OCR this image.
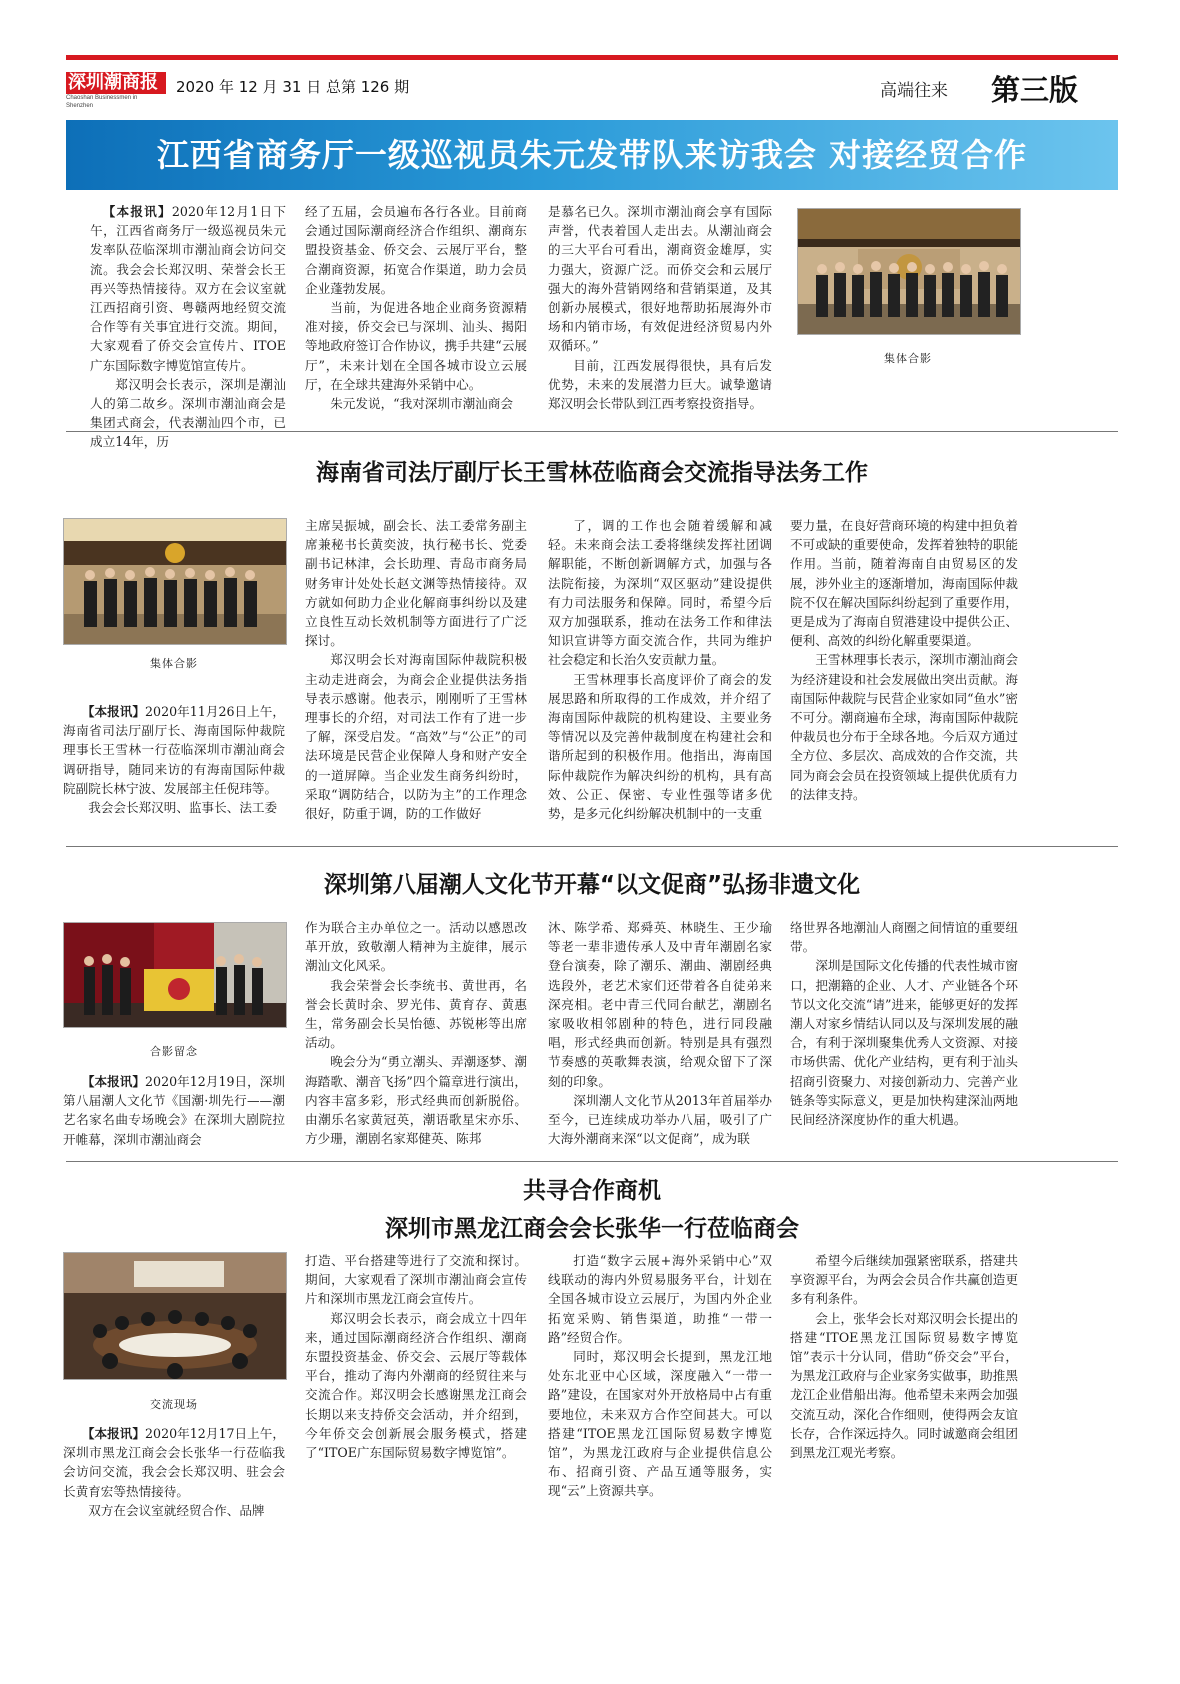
深圳潮商报
Chaoshan Businessmen in Shenzhen
2020 年 12 月 31 日 总第 126 期	高端往来 第三版
江西省商务厅一级巡视员朱元发带队来访我会 对接经贸合作

【本报讯】2020年12月1日下午，江西省商务厅一级巡视员朱元发率队莅临深圳市潮汕商会访问交流。我会会长郑汉明、荣誉会长王再兴等热情接待。双方在会议室就江西招商引资、粤赣两地经贸交流合作等有关事宜进行交流。期间，大家观看了侨交会宣传片、ITOE广东国际数字博览馆宣传片。

郑汉明会长表示，深圳是潮汕人的第二故乡。深圳市潮汕商会是集团式商会，代表潮汕四个市，已成立14年，历

经了五届，会员遍布各行各业。目前商会通过国际潮商经济合作组织、潮商东盟投资基金、侨交会、云展厅平台，整合潮商资源，拓宽合作渠道，助力会员企业蓬勃发展。

当前，为促进各地企业商务资源精准对接，侨交会已与深圳、汕头、揭阳等地政府签订合作协议，携手共建“云展厅”，未来计划在全国各城市设立云展厅，在全球共建海外采销中心。

朱元发说，“我对深圳市潮汕商会

是慕名已久。深圳市潮汕商会享有国际声誉，代表着国人走出去。从潮汕商会的三大平台可看出，潮商资金雄厚，实力强大，资源广泛。而侨交会和云展厅强大的海外营销网络和营销渠道，及其创新办展模式，很好地帮助拓展海外市场和内销市场，有效促进经济贸易内外双循环。”

目前，江西发展得很快，具有后发优势，未来的发展潜力巨大。诚挚邀请郑汉明会长带队到江西考察投资指导。

集体合影
海南省司法厅副厅长王雪林莅临商会交流指导法务工作
集体合影

【本报讯】2020年11月26日上午，海南省司法厅副厅长、海南国际仲裁院理事长王雪林一行莅临深圳市潮汕商会调研指导，随同来访的有海南国际仲裁院副院长林宁波、发展部主任倪玮等。

我会会长郑汉明、监事长、法工委

主席吴振城，副会长、法工委常务副主席兼秘书长黄奕波，执行秘书长、党委副书记林津，会长助理、青岛市商务局财务审计处处长赵文渊等热情接待。双方就如何助力企业化解商事纠纷以及建立良性互动长效机制等方面进行了广泛探讨。

郑汉明会长对海南国际仲裁院积极主动走进商会，为商会企业提供法务指导表示感谢。他表示，刚刚听了王雪林理事长的介绍，对司法工作有了进一步了解，深受启发。“高效”与“公正”的司法环境是民营企业保障人身和财产安全的一道屏障。当企业发生商务纠纷时，采取“调防结合，以防为主”的工作理念很好，防重于调，防的工作做好

了，调的工作也会随着缓解和减轻。未来商会法工委将继续发挥社团调解职能，不断创新调解方式，加强与各法院衔接，为深圳“双区驱动”建设提供有力司法服务和保障。同时，希望今后双方加强联系，推动在法务工作和律法知识宣讲等方面交流合作，共同为维护社会稳定和长治久安贡献力量。

王雪林理事长高度评价了商会的发展思路和所取得的工作成效，并介绍了海南国际仲裁院的机构建设、主要业务等情况以及完善仲裁制度在构建社会和谐所起到的积极作用。他指出，海南国际仲裁院作为解决纠纷的机构，具有高效、公正、保密、专业性强等诸多优势，是多元化纠纷解决机制中的一支重

要力量，在良好营商环境的构建中担负着不可或缺的重要使命，发挥着独特的职能作用。当前，随着海南自由贸易区的发展，涉外业主的逐渐增加，海南国际仲裁院不仅在解决国际纠纷起到了重要作用，更是成为了海南自贸港建设中提供公正、便利、高效的纠纷化解重要渠道。

王雪林理事长表示，深圳市潮汕商会为经济建设和社会发展做出突出贡献。海南国际仲裁院与民营企业家如同“鱼水”密不可分。潮商遍布全球，海南国际仲裁院仲裁员也分布于全球各地。今后双方通过全方位、多层次、高成效的合作交流，共同为商会会员在投资领域上提供优质有力的法律支持。

深圳第八届潮人文化节开幕“以文促商”弘扬非遗文化
合影留念

【本报讯】2020年12月19日，深圳第八届潮人文化节《国潮·圳先行——潮艺名家名曲专场晚会》在深圳大剧院拉开帷幕，深圳市潮汕商会

作为联合主办单位之一。活动以感恩改革开放，致敬潮人精神为主旋律，展示潮汕文化风采。

我会荣誉会长李统书、黄世再，名誉会长黄时余、罗光伟、黄育存、黄惠生，常务副会长吴怡德、苏锐彬等出席活动。

晚会分为“勇立潮头、弄潮逐梦、潮海踏歌、潮音飞扬”四个篇章进行演出，内容丰富多彩，形式经典而创新脱俗。由潮乐名家黄冠英，潮语歌星宋亦乐、方少珊，潮剧名家郑健英、陈邦

沐、陈学希、郑舜英、林晓生、王少瑜等老一辈非遗传承人及中青年潮剧名家登台演奏，除了潮乐、潮曲、潮剧经典选段外，老艺术家们还带着各自徒弟来深亮相。老中青三代同台献艺，潮剧名家吸收相邻剧种的特色，进行同段融唱，形式经典而创新。特别是具有强烈节奏感的英歌舞表演，给观众留下了深刻的印象。

深圳潮人文化节从2013年首届举办至今，已连续成功举办八届，吸引了广大海外潮商来深“以文促商”，成为联

络世界各地潮汕人商圈之间情谊的重要纽带。

深圳是国际文化传播的代表性城市窗口，把潮籍的企业、人才、产业链各个环节以文化交流“请”进来，能够更好的发挥潮人对家乡情结认同以及与深圳发展的融合，有利于深圳聚集优秀人文资源、对接市场供需、优化产业结构，更有利于汕头招商引资聚力、对接创新动力、完善产业链条等实际意义，更是加快构建深汕两地民间经济深度协作的重大机遇。

共寻合作商机
深圳市黑龙江商会会长张华一行莅临商会
交流现场

【本报讯】2020年12月17日上午，深圳市黑龙江商会会长张华一行莅临我会访问交流，我会会长郑汉明、驻会会长黄育宏等热情接待。

双方在会议室就经贸合作、品牌

打造、平台搭建等进行了交流和探讨。期间，大家观看了深圳市潮汕商会宣传片和深圳市黑龙江商会宣传片。

郑汉明会长表示，商会成立十四年来，通过国际潮商经济合作组织、潮商东盟投资基金、侨交会、云展厅等载体平台，推动了海内外潮商的经贸往来与交流合作。郑汉明会长感谢黑龙江商会长期以来支持侨交会活动，并介绍到，今年侨交会创新展会服务模式，搭建了“ITOE广东国际贸易数字博览馆”。

打造“数字云展+海外采销中心”双线联动的海内外贸易服务平台，计划在全国各城市设立云展厅，为国内外企业拓宽采购、销售渠道，助推“一带一路”经贸合作。

同时，郑汉明会长提到，黑龙江地处东北亚中心区域，深度融入“一带一路”建设，在国家对外开放格局中占有重要地位，未来双方合作空间甚大。可以搭建“ITOE黑龙江国际贸易数字博览馆”，为黑龙江政府与企业提供信息公布、招商引资、产品互通等服务，实现“云”上资源共享。

希望今后继续加强紧密联系，搭建共享资源平台，为两会会员合作共赢创造更多有利条件。

会上，张华会长对郑汉明会长提出的搭建“ITOE黑龙江国际贸易数字博览馆”表示十分认同，借助“侨交会”平台，为黑龙江政府与企业家务实做事，助推黑龙江企业借船出海。他希望未来两会加强交流互动，深化合作细则，使得两会友谊长存，合作深远持久。同时诚邀商会组团到黑龙江观光考察。
